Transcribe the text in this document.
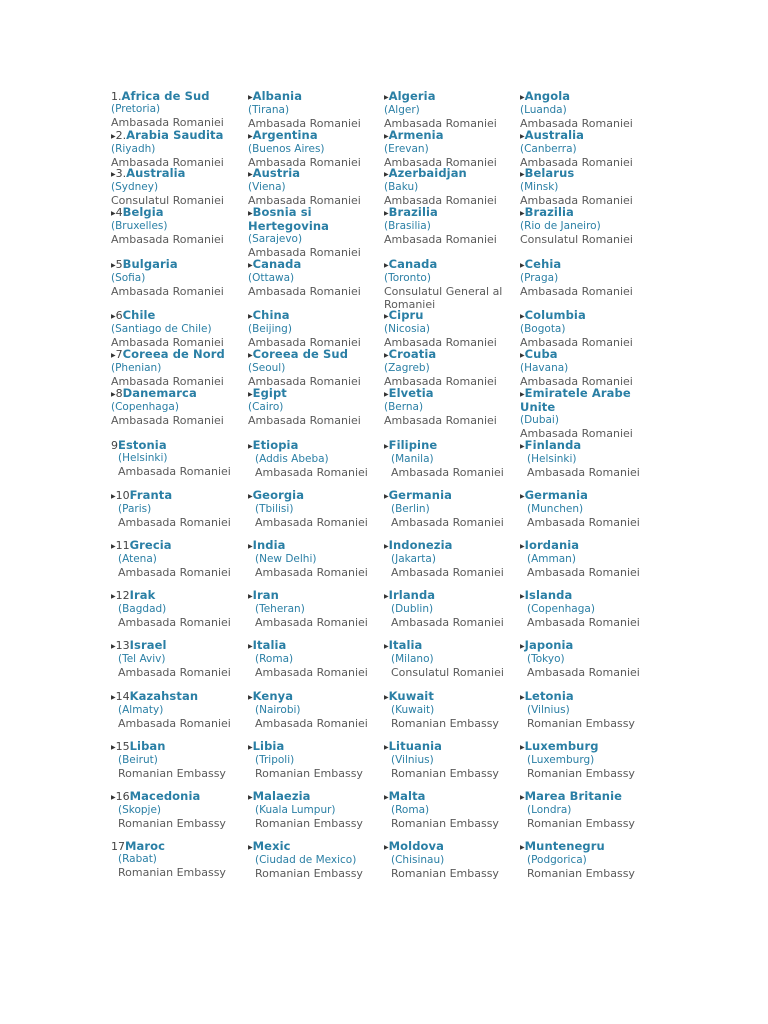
1.Africa de Sud
(Pretoria)
Ambasada Romaniei
▶Albania
(Tirana)
Ambasada Romaniei
▶Algeria
(Alger)
Ambasada Romaniei
▶Angola
(Luanda)
Ambasada Romaniei
▶2.Arabia Saudita
(Riyadh)
Ambasada Romaniei
▶Argentina
(Buenos Aires)
Ambasada Romaniei
▶Armenia
(Erevan)
Ambasada Romaniei
▶Australia
(Canberra)
Ambasada Romaniei
▶3.Australia
(Sydney)
Consulatul Romaniei
▶Austria
(Viena)
Ambasada Romaniei
▶Azerbaidjan
(Baku)
Ambasada Romaniei
▶Belarus
(Minsk)
Ambasada Romaniei
▶4Belgia
(Bruxelles)
Ambasada Romaniei
▶Bosnia si Hertegovina
(Sarajevo)
Ambasada Romaniei
▶Brazilia
(Brasilia)
Ambasada Romaniei
▶Brazilia
(Rio de Janeiro)
Consulatul Romaniei
▶5Bulgaria
(Sofia)
Ambasada Romaniei
▶Canada
(Ottawa)
Ambasada Romaniei
▶Canada
(Toronto)
Consulatul General al Romaniei
▶Cehia
(Praga)
Ambasada Romaniei
▶6Chile
(Santiago de Chile)
Ambasada Romaniei
▶China
(Beijing)
Ambasada Romaniei
▶Cipru
(Nicosia)
Ambasada Romaniei
▶Columbia
(Bogota)
Ambasada Romaniei
▶7Coreea de Nord
(Phenian)
Ambasada Romaniei
▶Coreea de Sud
(Seoul)
Ambasada Romaniei
▶Croatia
(Zagreb)
Ambasada Romaniei
▶Cuba
(Havana)
Ambasada Romaniei
▶8Danemarca
(Copenhaga)
Ambasada Romaniei
▶Egipt
(Cairo)
Ambasada Romaniei
▶Elvetia
(Berna)
Ambasada Romaniei
▶Emiratele Arabe Unite
(Dubai)
Ambasada Romaniei
9Estonia
(Helsinki)
Ambasada Romaniei
▶Etiopia
(Addis Abeba)
Ambasada Romaniei
▶Filipine
(Manila)
Ambasada Romaniei
▶Finlanda
(Helsinki)
Ambasada Romaniei
▶10Franta
(Paris)
Ambasada Romaniei
▶Georgia
(Tbilisi)
Ambasada Romaniei
▶Germania
(Berlin)
Ambasada Romaniei
▶Germania
(Munchen)
Ambasada Romaniei
▶11Grecia
(Atena)
Ambasada Romaniei
▶India
(New Delhi)
Ambasada Romaniei
▶Indonezia
(Jakarta)
Ambasada Romaniei
▶Iordania
(Amman)
Ambasada Romaniei
▶12Irak
(Bagdad)
Ambasada Romaniei
▶Iran
(Teheran)
Ambasada Romaniei
▶Irlanda
(Dublin)
Ambasada Romaniei
▶Islanda
(Copenhaga)
Ambasada Romaniei
▶13Israel
(Tel Aviv)
Ambasada Romaniei
▶Italia
(Roma)
Ambasada Romaniei
▶Italia
(Milano)
Consulatul Romaniei
▶Japonia
(Tokyo)
Ambasada Romaniei
▶14Kazahstan
(Almaty)
Ambasada Romaniei
▶Kenya
(Nairobi)
Ambasada Romaniei
▶Kuwait
(Kuwait)
Romanian Embassy
▶Letonia
(Vilnius)
Romanian Embassy
▶15Liban
(Beirut)
Romanian Embassy
▶Libia
(Tripoli)
Romanian Embassy
▶Lituania
(Vilnius)
Romanian Embassy
▶Luxemburg
(Luxemburg)
Romanian Embassy
▶16Macedonia
(Skopje)
Romanian Embassy
▶Malaezia
(Kuala Lumpur)
Romanian Embassy
▶Malta
(Roma)
Romanian Embassy
▶Marea Britanie
(Londra)
Romanian Embassy
17Maroc
(Rabat)
Romanian Embassy
▶Mexic
(Ciudad de Mexico)
Romanian Embassy
▶Moldova
(Chisinau)
Romanian Embassy
▶Muntenegru
(Podgorica)
Romanian Embassy
